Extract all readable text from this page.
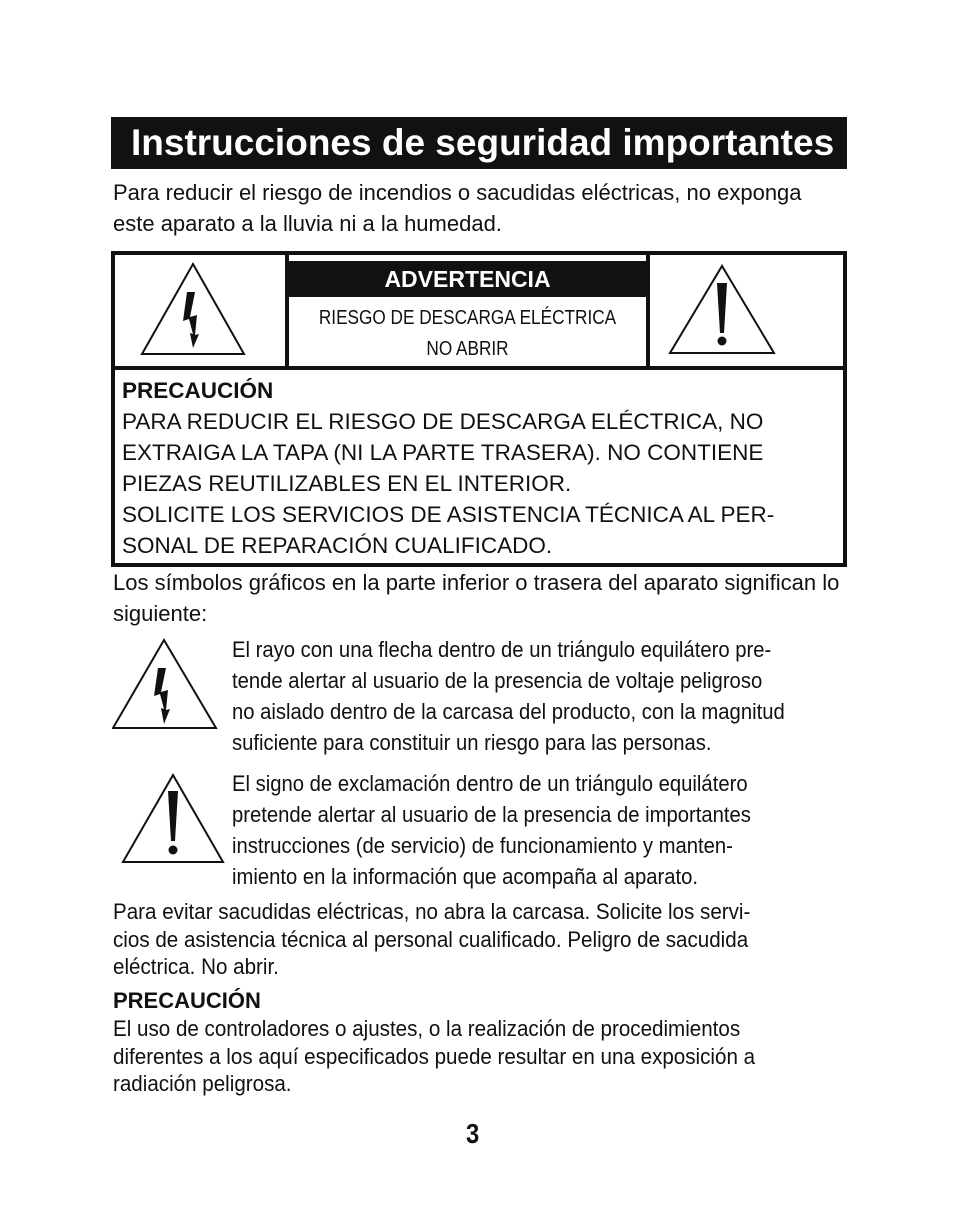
Instrucciones de seguridad importantes
Para reducir el riesgo de incendios o sacudidas eléctricas, no exponga este aparato a la lluvia ni a la humedad.
ADVERTENCIA
RIESGO DE DESCARGA ELÉCTRICA
NO ABRIR
PRECAUCIÓN
PARA REDUCIR EL RIESGO DE DESCARGA ELÉCTRICA, NO
EXTRAIGA LA TAPA (NI LA PARTE TRASERA). NO CONTIENE
PIEZAS REUTILIZABLES EN EL INTERIOR.
SOLICITE LOS SERVICIOS DE ASISTENCIA TÉCNICA AL PER-
SONAL DE REPARACIÓN CUALIFICADO.
Los símbolos gráficos en la parte inferior o trasera del aparato significan lo siguiente:
El rayo con una flecha dentro de un triángulo equilátero pre-
tende alertar al usuario de la presencia de voltaje peligroso
no aislado dentro de la carcasa del producto, con la magnitud
suficiente para constituir un riesgo para las personas.
El signo de exclamación dentro de un triángulo equilátero
pretende alertar al usuario de la presencia de importantes
instrucciones (de servicio) de funcionamiento y manten-
imiento en la información que acompaña al aparato.
Para evitar sacudidas eléctricas, no abra la carcasa. Solicite los servi-
cios de asistencia técnica al personal cualificado. Peligro de sacudida
eléctrica. No abrir.
PRECAUCIÓN
El uso de controladores o ajustes, o la realización de procedimientos
diferentes a los aquí especificados puede resultar en una exposición a
radiación peligrosa.
3
